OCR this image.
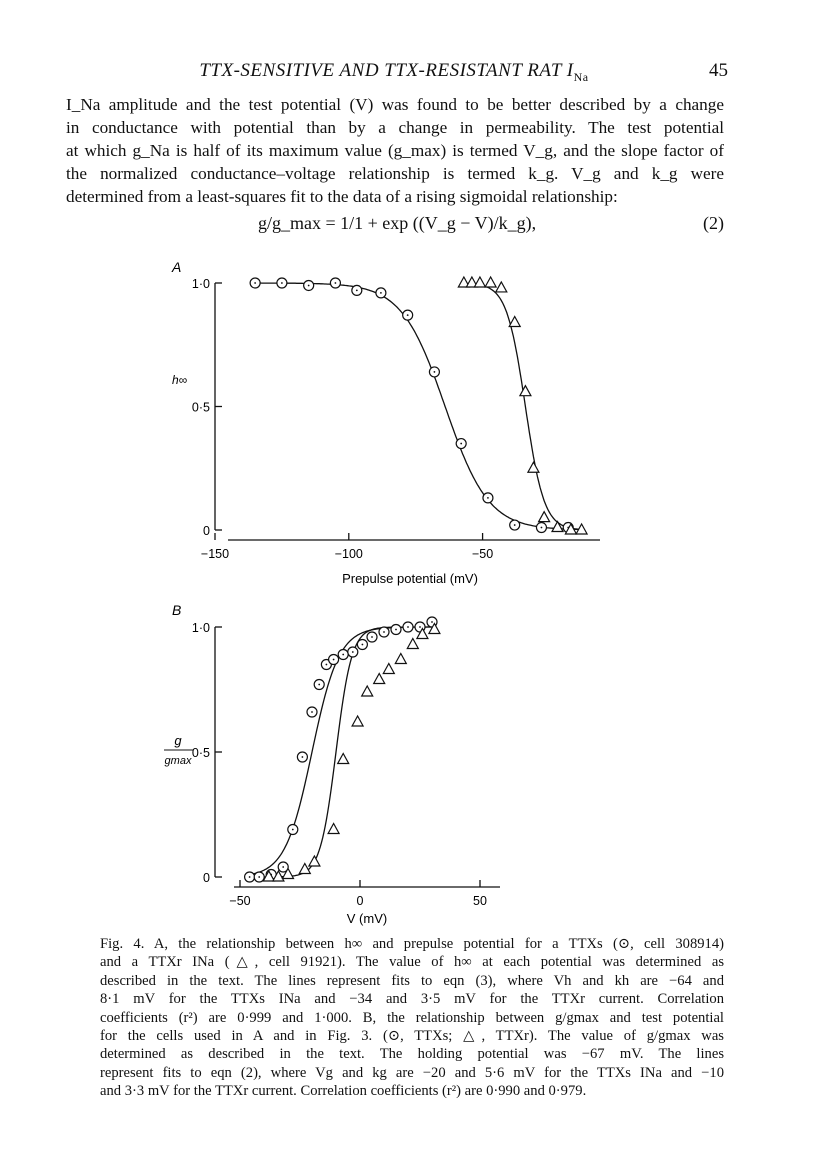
TTX-SENSITIVE AND TTX-RESISTANT RAT $I_{Na}$	45
I_Na amplitude and the test potential (V) was found to be better described by a change
in conductance with potential than by a change in permeability. The test potential
at which g_Na is half of its maximum value (g_max) is termed V_g, and the slope factor of
the normalized conductance–voltage relationship is termed k_g. V_g and k_g were
determined from a least-squares fit to the data of a rising sigmoidal relationship:
g/g_max = 1/1 + exp ((V_g − V)/k_g),	(2)
A
h∞
1·0
0·5
0
−150	−100	−50
Prepulse potential (mV)
B
g
gmax
1·0
0·5
0
−50	0	50
V (mV)
Fig. 4. A, the relationship between h∞ and prepulse potential for a TTXs (⊙, cell 308914)
and a TTXr INa (△, cell 91921). The value of h∞ at each potential was determined as
described in the text. The lines represent fits to eqn (3), where Vh and kh are −64 and
8·1 mV for the TTXs INa and −34 and 3·5 mV for the TTXr current. Correlation
coefficients (r²) are 0·999 and 1·000. B, the relationship between g/gmax and test potential
for the cells used in A and in Fig. 3. (⊙, TTXs; △, TTXr). The value of g/gmax was
determined as described in the text. The holding potential was −67 mV. The lines
represent fits to eqn (2), where Vg and kg are −20 and 5·6 mV for the TTXs INa and −10
and 3·3 mV for the TTXr current. Correlation coefficients (r²) are 0·990 and 0·979.
